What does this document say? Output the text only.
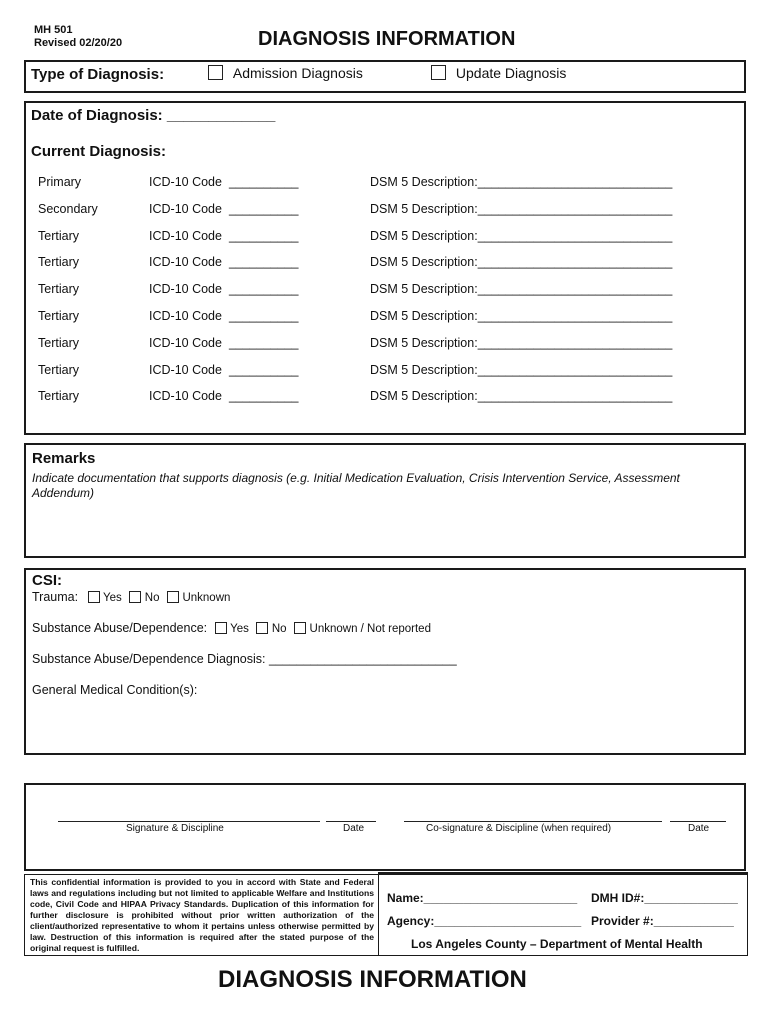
MH 501
Revised 02/20/20	DIAGNOSIS INFORMATION
Type of Diagnosis:	Admission Diagnosis	Update Diagnosis
Date of Diagnosis: _____________
Current Diagnosis:
Primary	ICD-10 Code __________	DSM 5 Description:____________________________
Secondary	ICD-10 Code __________	DSM 5 Description:____________________________
Tertiary	ICD-10 Code __________	DSM 5 Description:____________________________
Tertiary	ICD-10 Code __________	DSM 5 Description:____________________________
Tertiary	ICD-10 Code __________	DSM 5 Description:____________________________
Tertiary	ICD-10 Code __________	DSM 5 Description:____________________________
Tertiary	ICD-10 Code __________	DSM 5 Description:____________________________
Tertiary	ICD-10 Code __________	DSM 5 Description:____________________________
Tertiary	ICD-10 Code __________	DSM 5 Description:____________________________
Remarks
Indicate documentation that supports diagnosis (e.g. Initial Medication Evaluation, Crisis Intervention Service, Assessment Addendum)
CSI:
Trauma: Yes No Unknown
Substance Abuse/Dependence: Yes No Unknown / Not reported
Substance Abuse/Dependence Diagnosis: ___________________________
General Medical Condition(s):
Signature & Discipline	Date	Co-signature & Discipline (when required)	Date
This confidential information is provided to you in accord with State and Federal laws and regulations including but not limited to applicable Welfare and Institutions code, Civil Code and HIPAA Privacy Standards. Duplication of this information for further disclosure is prohibited without prior written authorization of the client/authorized representative to whom it pertains unless otherwise permitted by law. Destruction of this information is required after the stated purpose of the original request is fulfilled.
Name:_______________________ DMH ID#:______________
Agency:______________________ Provider #:____________
Los Angeles County – Department of Mental Health
DIAGNOSIS INFORMATION
